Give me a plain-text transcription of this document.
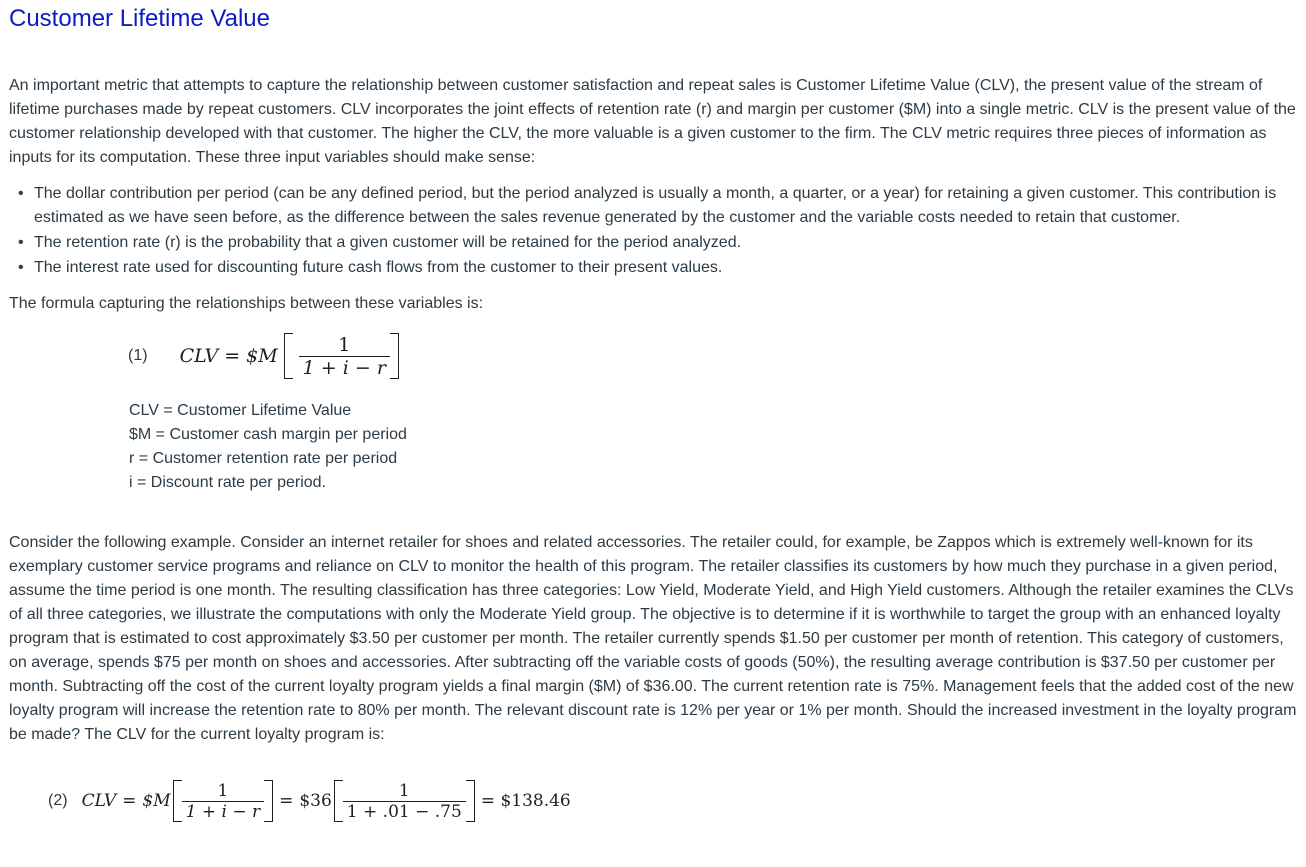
Customer Lifetime Value

An important metric that attempts to capture the relationship between customer satisfaction and repeat sales is Customer Lifetime Value (CLV), the present value of the stream of lifetime purchases made by repeat customers. CLV incorporates the joint effects of retention rate (r) and margin per customer ($M) into a single metric. CLV is the present value of the customer relationship developed with that customer. The higher the CLV, the more valuable is a given customer to the firm. The CLV metric requires three pieces of information as inputs for its computation. These three input variables should make sense:

• The dollar contribution per period (can be any defined period, but the period analyzed is usually a month, a quarter, or a year) for retaining a given customer. This contribution is estimated as we have seen before, as the difference between the sales revenue generated by the customer and the variable costs needed to retain that customer.
• The retention rate (r) is the probability that a given customer will be retained for the period analyzed.
• The interest rate used for discounting future cash flows from the customer to their present values.

The formula capturing the relationships between these variables is:

(1) CLV = $M $\frac{1}{1 + i - r}$
CLV = Customer Lifetime Value
$M = Customer cash margin per period
r = Customer retention rate per period
i = Discount rate per period.

Consider the following example. Consider an internet retailer for shoes and related accessories. The retailer could, for example, be Zappos which is extremely well-known for its exemplary customer service programs and reliance on CLV to monitor the health of this program. The retailer classifies its customers by how much they purchase in a given period, assume the time period is one month. The resulting classification has three categories: Low Yield, Moderate Yield, and High Yield customers. Although the retailer examines the CLVs of all three categories, we illustrate the computations with only the Moderate Yield group. The objective is to determine if it is worthwhile to target the group with an enhanced loyalty program that is estimated to cost approximately $3.50 per customer per month. The retailer currently spends $1.50 per customer per month of retention. This category of customers, on average, spends $75 per month on shoes and accessories. After subtracting off the variable costs of goods (50%), the resulting average contribution is $37.50 per customer per month. Subtracting off the cost of the current loyalty program yields a final margin ($M) of $36.00. The current retention rate is 75%. Management feels that the added cost of the new loyalty program will increase the retention rate to 80% per month. The relevant discount rate is 12% per year or 1% per month. Should the increased investment in the loyalty program be made? The CLV for the current loyalty program is:

(2) CLV = $M $\frac{1}{1 + i - r}$ = $36 $\frac{1}{1 + .01 - .75}$ = $138.46
